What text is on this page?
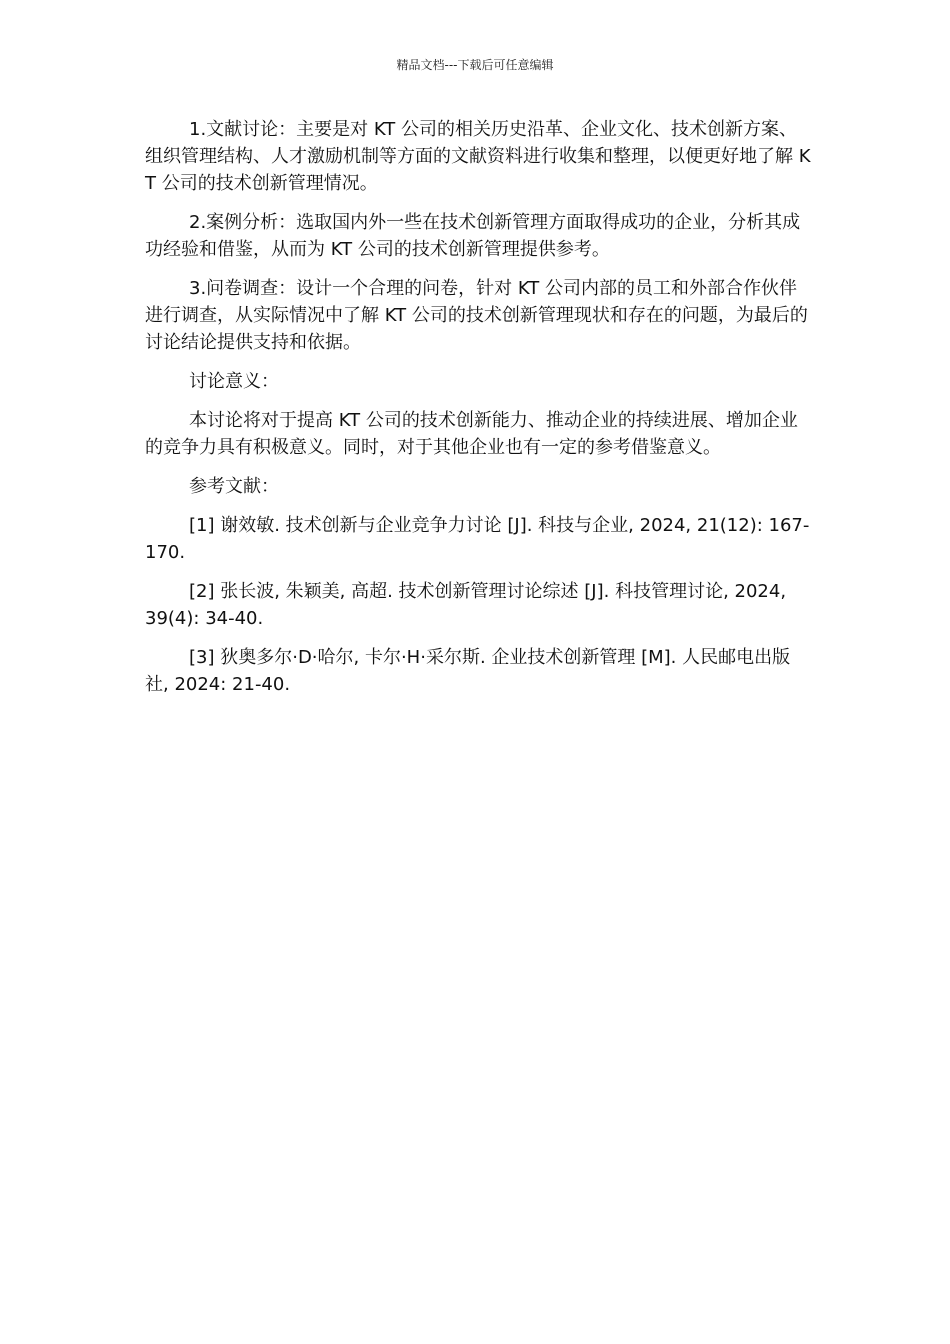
精品文档---下载后可任意编辑

1.文献讨论：主要是对 KT 公司的相关历史沿革、企业文化、技术创新方案、组织管理结构、人才激励机制等方面的文献资料进行收集和整理，以便更好地了解 KT 公司的技术创新管理情况。

2.案例分析：选取国内外一些在技术创新管理方面取得成功的企业，分析其成功经验和借鉴，从而为 KT 公司的技术创新管理提供参考。

3.问卷调查：设计一个合理的问卷，针对 KT 公司内部的员工和外部合作伙伴进行调查，从实际情况中了解 KT 公司的技术创新管理现状和存在的问题，为最后的讨论结论提供支持和依据。

讨论意义：

本讨论将对于提高 KT 公司的技术创新能力、推动企业的持续进展、增加企业的竞争力具有积极意义。同时，对于其他企业也有一定的参考借鉴意义。

参考文献：

[1] 谢效敏. 技术创新与企业竞争力讨论 [J]. 科技与企业, 2024, 21(12): 167-170.

[2] 张长波, 朱颖美, 高超. 技术创新管理讨论综述 [J]. 科技管理讨论, 2024, 39(4): 34-40.

[3] 狄奥多尔·D·哈尔, 卡尔·H·采尔斯. 企业技术创新管理 [M]. 人民邮电出版社, 2024: 21-40.
